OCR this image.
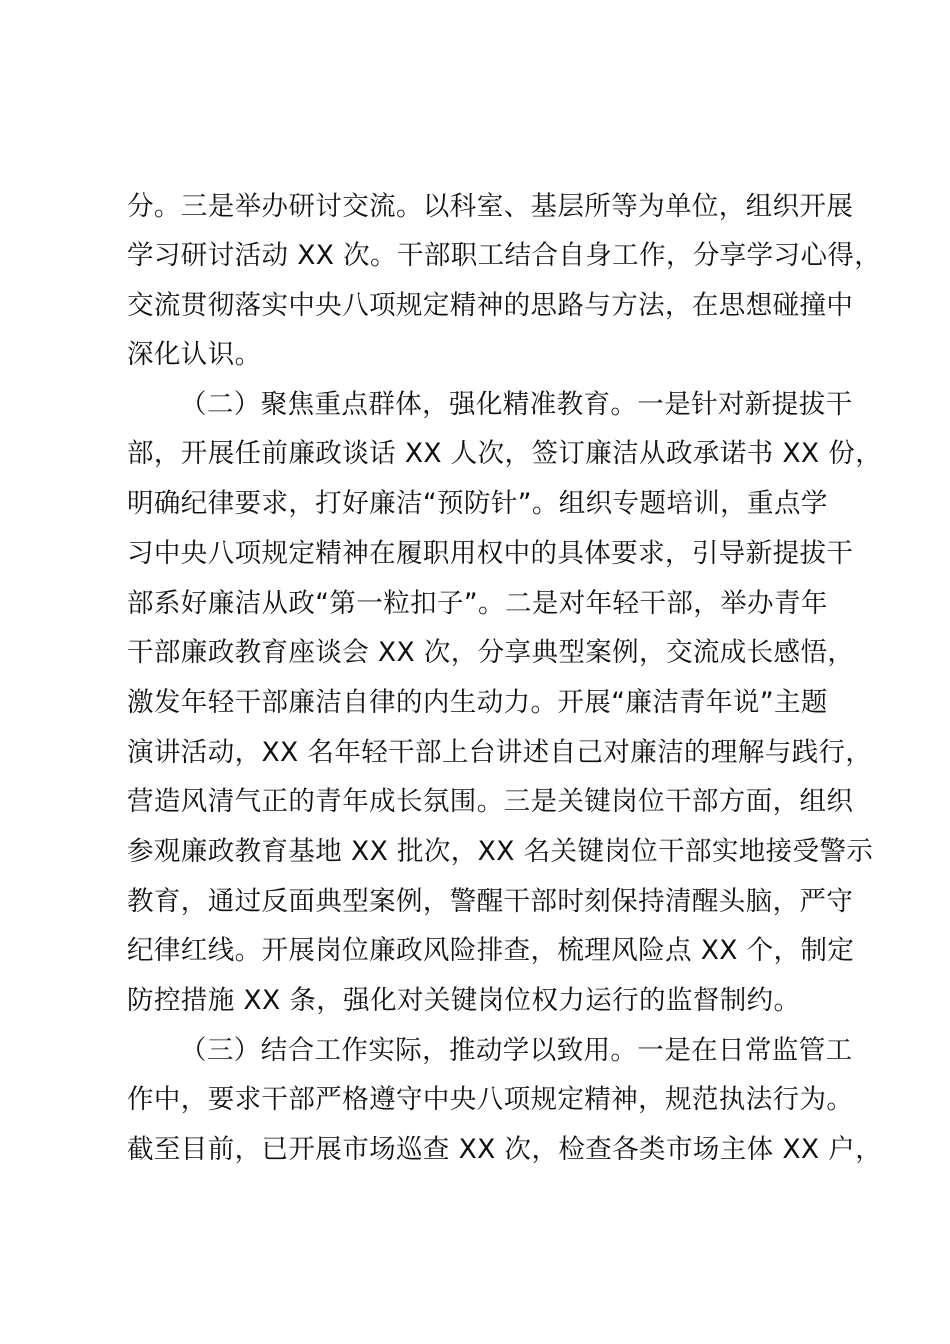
分。三是举办研讨交流。以科室、基层所等为单位，组织开展
学习研讨活动 XX 次。干部职工结合自身工作，分享学习心得，
交流贯彻落实中央八项规定精神的思路与方法，在思想碰撞中
深化认识。
（二）聚焦重点群体，强化精准教育。一是针对新提拔干
部，开展任前廉政谈话 XX 人次，签订廉洁从政承诺书 XX 份，
明确纪律要求，打好廉洁“预防针”。组织专题培训，重点学
习中央八项规定精神在履职用权中的具体要求，引导新提拔干
部系好廉洁从政“第一粒扣子”。二是对年轻干部，举办青年
干部廉政教育座谈会 XX 次，分享典型案例，交流成长感悟，
激发年轻干部廉洁自律的内生动力。开展“廉洁青年说”主题
演讲活动，XX 名年轻干部上台讲述自己对廉洁的理解与践行，
营造风清气正的青年成长氛围。三是关键岗位干部方面，组织
参观廉政教育基地 XX 批次，XX 名关键岗位干部实地接受警示
教育，通过反面典型案例，警醒干部时刻保持清醒头脑，严守
纪律红线。开展岗位廉政风险排查，梳理风险点 XX 个，制定
防控措施 XX 条，强化对关键岗位权力运行的监督制约。
（三）结合工作实际，推动学以致用。一是在日常监管工
作中，要求干部严格遵守中央八项规定精神，规范执法行为。
截至目前，已开展市场巡查 XX 次，检查各类市场主体 XX 户，
